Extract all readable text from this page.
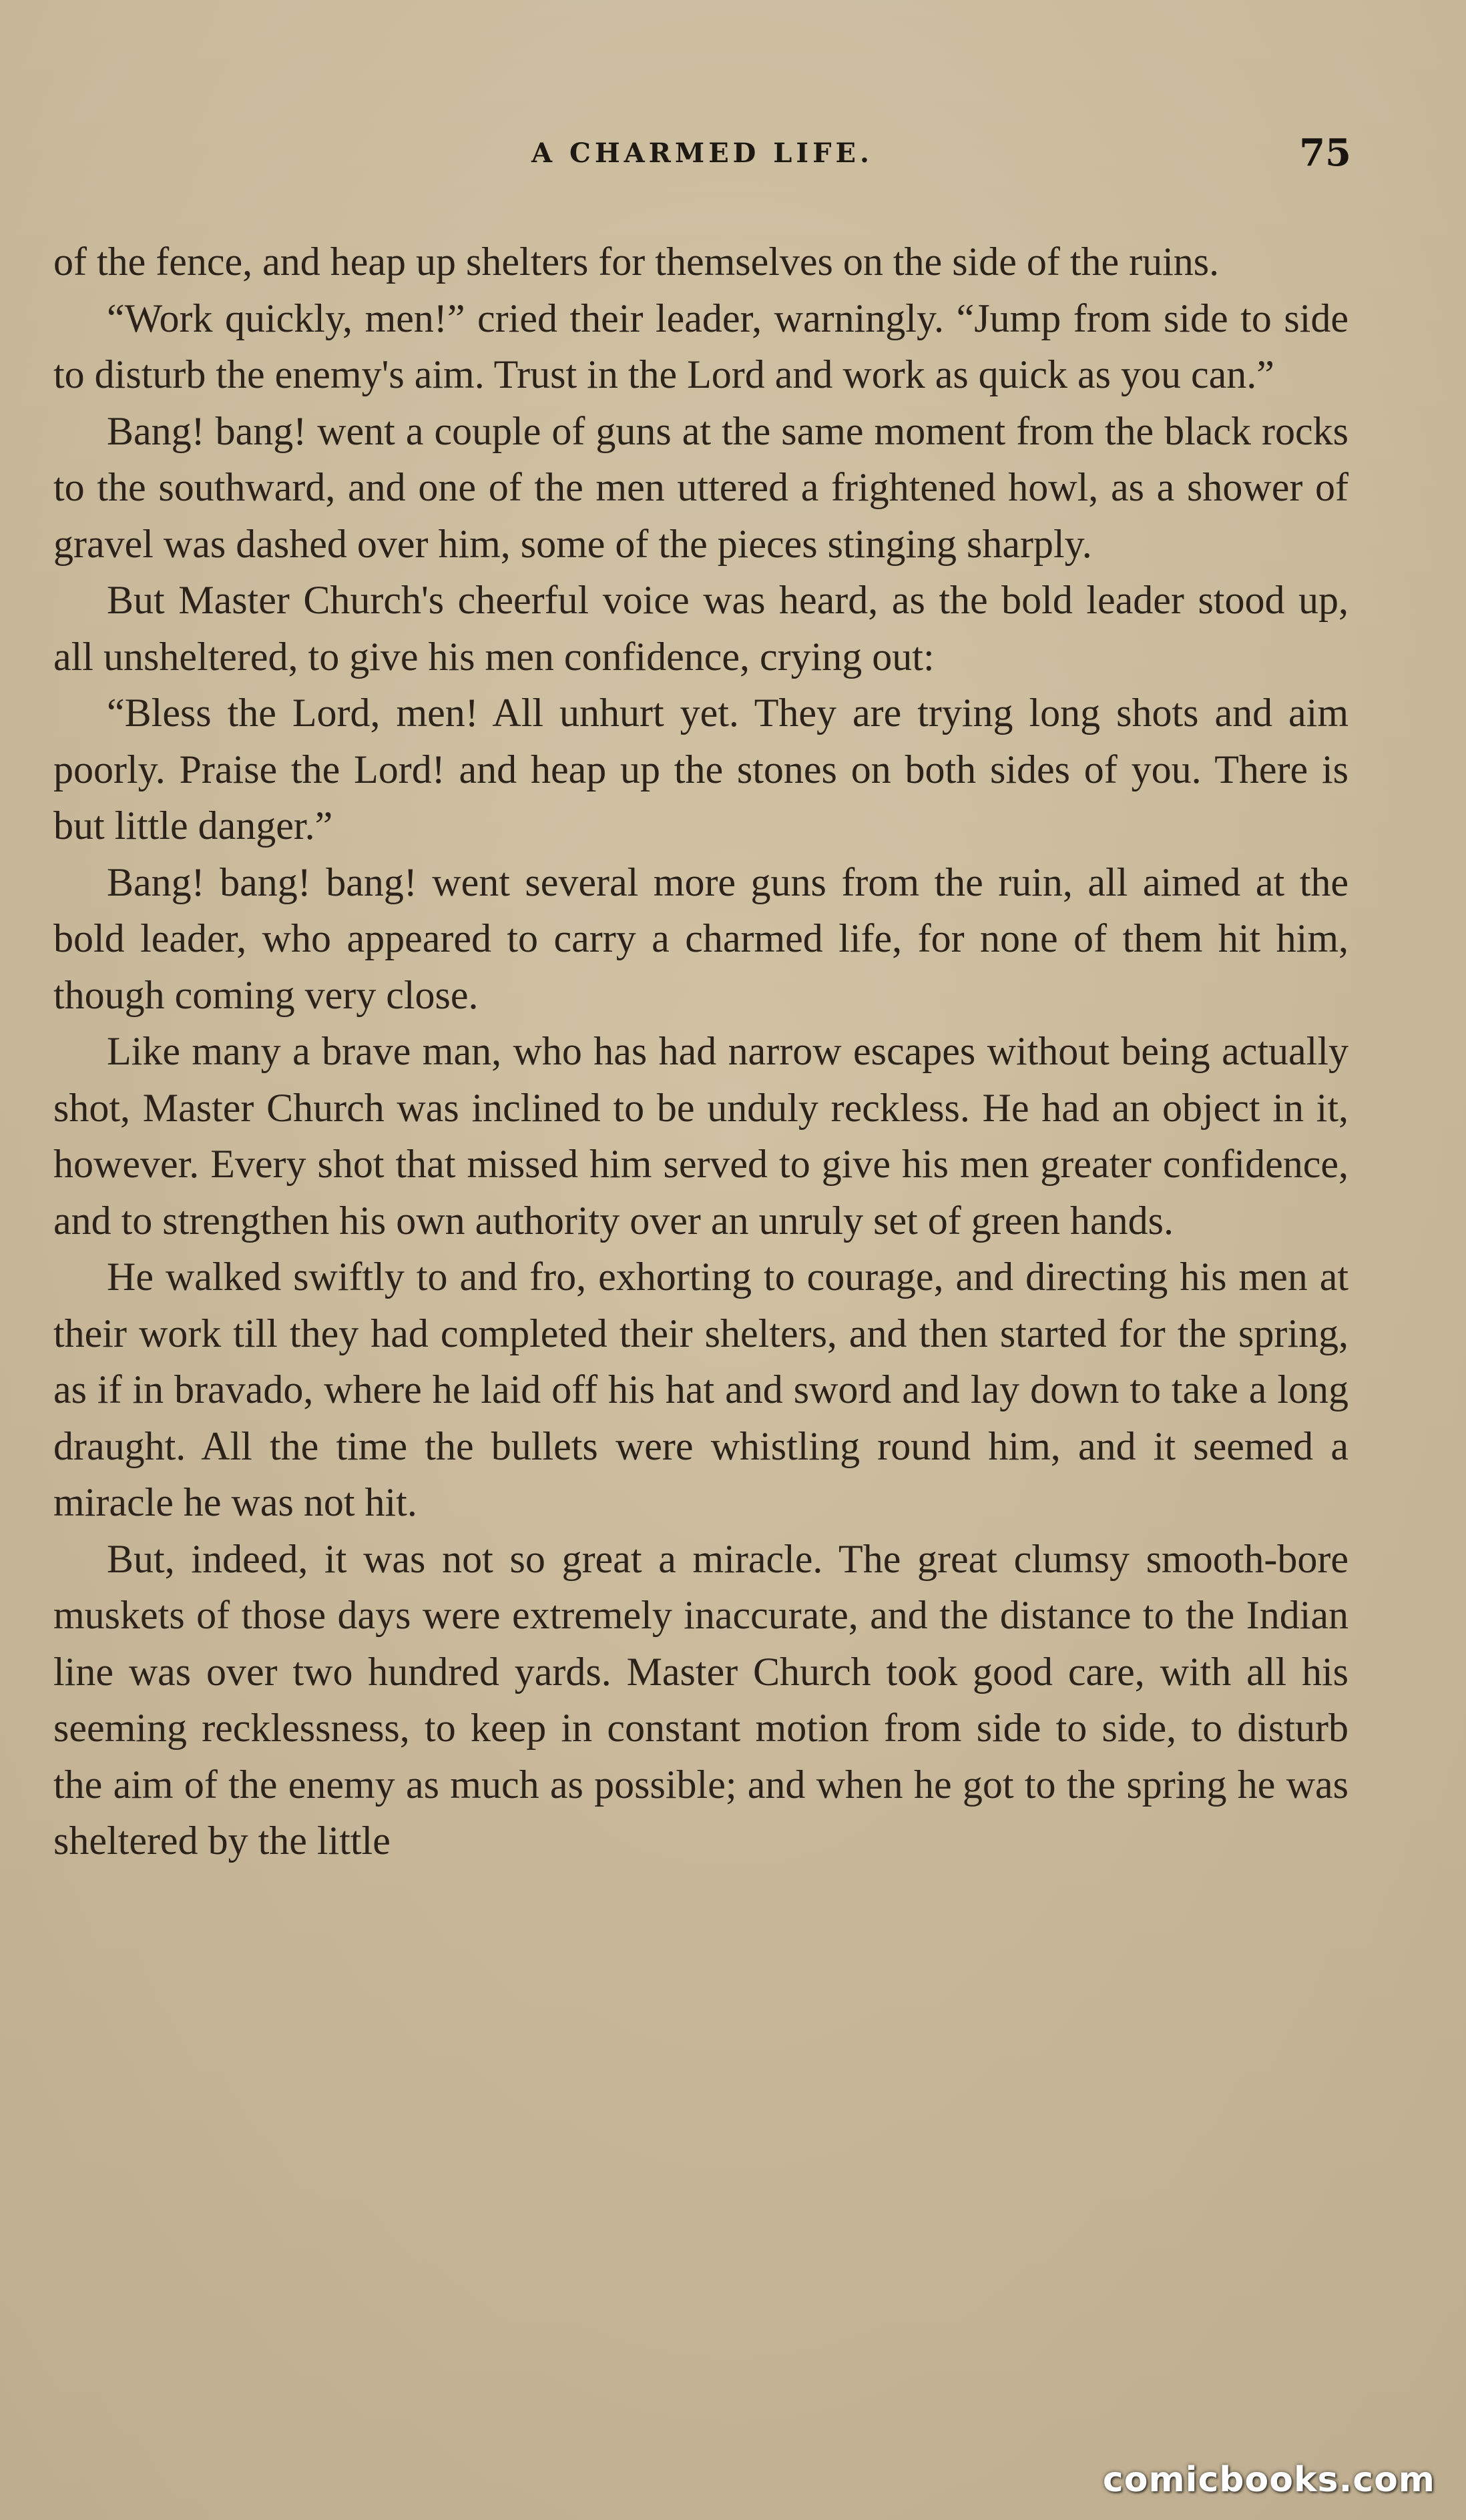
A CHARMED LIFE.	75

of the fence, and heap up shelters for themselves on the side of the ruins.

“Work quickly, men!” cried their leader, warningly. “Jump from side to side to disturb the enemy's aim. Trust in the Lord and work as quick as you can.”

Bang! bang! went a couple of guns at the same moment from the black rocks to the southward, and one of the men uttered a frightened howl, as a shower of gravel was dashed over him, some of the pieces stinging sharply.

But Master Church's cheerful voice was heard, as the bold leader stood up, all unsheltered, to give his men confidence, crying out:

“Bless the Lord, men! All unhurt yet. They are trying long shots and aim poorly. Praise the Lord! and heap up the stones on both sides of you. There is but little danger.”

Bang! bang! bang! went several more guns from the ruin, all aimed at the bold leader, who appeared to carry a charmed life, for none of them hit him, though coming very close.

Like many a brave man, who has had narrow escapes without being actually shot, Master Church was inclined to be unduly reckless. He had an object in it, however. Every shot that missed him served to give his men greater confidence, and to strengthen his own authority over an unruly set of green hands.

He walked swiftly to and fro, exhorting to courage, and directing his men at their work till they had completed their shelters, and then started for the spring, as if in bravado, where he laid off his hat and sword and lay down to take a long draught. All the time the bullets were whistling round him, and it seemed a miracle he was not hit.

But, indeed, it was not so great a miracle. The great clumsy smooth-bore muskets of those days were extremely inaccurate, and the distance to the Indian line was over two hundred yards. Master Church took good care, with all his seeming recklessness, to keep in constant motion from side to side, to disturb the aim of the enemy as much as possible; and when he got to the spring he was sheltered by the little

comicbooks.com
